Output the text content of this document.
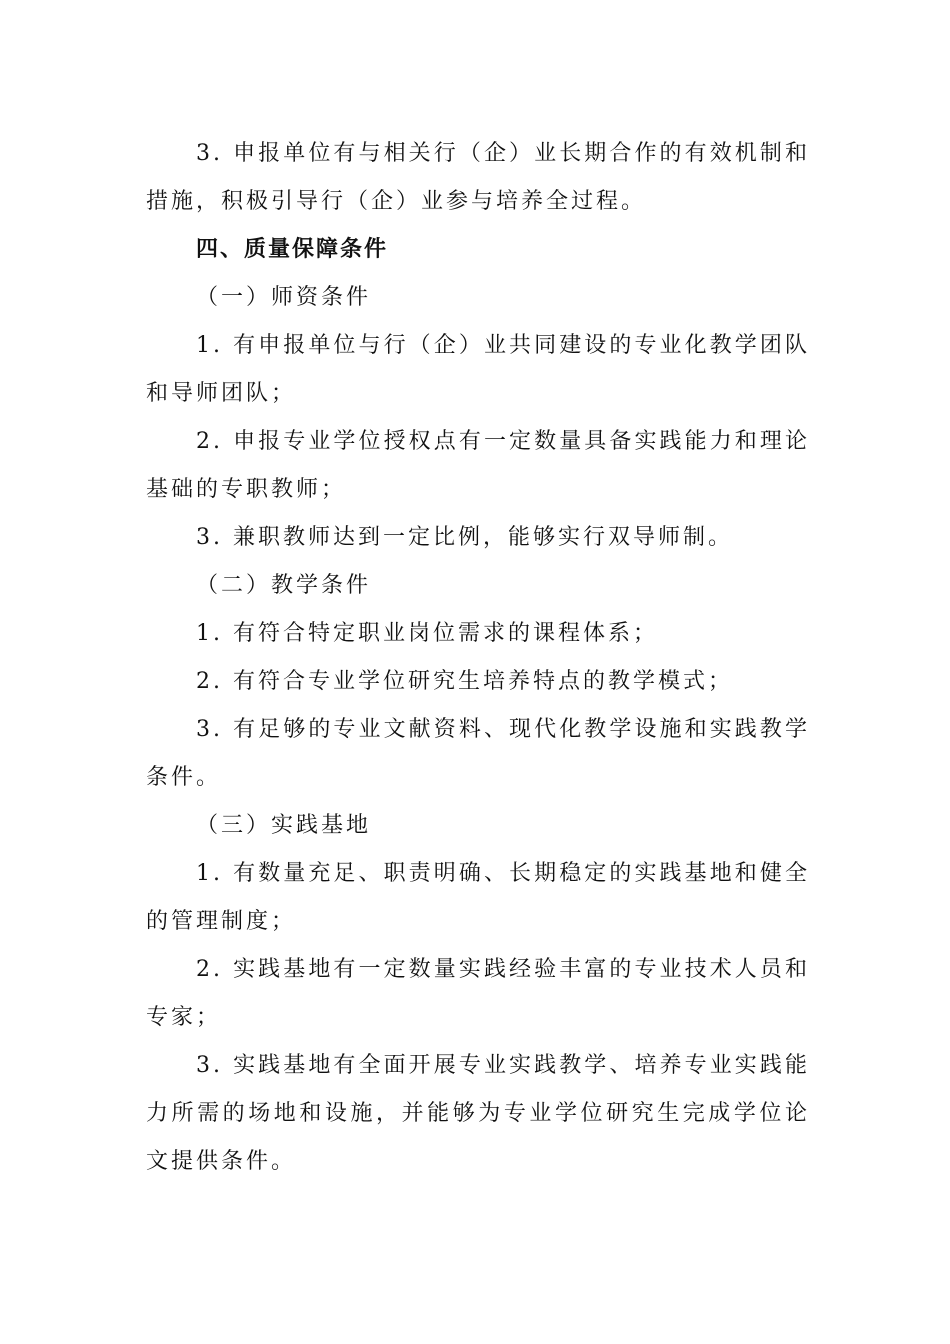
3. 申报单位有与相关行（企）业长期合作的有效机制和措施，积极引导行（企）业参与培养全过程。

四、质量保障条件

（一）师资条件

1. 有申报单位与行（企）业共同建设的专业化教学团队和导师团队；

2. 申报专业学位授权点有一定数量具备实践能力和理论基础的专职教师；

3. 兼职教师达到一定比例，能够实行双导师制。

（二）教学条件

1. 有符合特定职业岗位需求的课程体系；

2. 有符合专业学位研究生培养特点的教学模式；

3. 有足够的专业文献资料、现代化教学设施和实践教学条件。

（三）实践基地

1. 有数量充足、职责明确、长期稳定的实践基地和健全的管理制度；

2. 实践基地有一定数量实践经验丰富的专业技术人员和专家；

3. 实践基地有全面开展专业实践教学、培养专业实践能力所需的场地和设施，并能够为专业学位研究生完成学位论文提供条件。
